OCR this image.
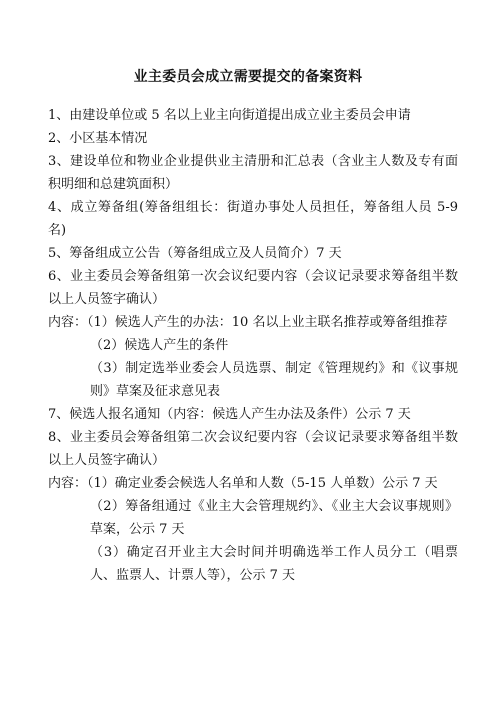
业主委员会成立需要提交的备案资料

1、由建设单位或 5 名以上业主向街道提出成立业主委员会申请

2、小区基本情况

3、建设单位和物业企业提供业主清册和汇总表（含业主人数及专有面积明细和总建筑面积）

4、成立筹备组(筹备组组长：街道办事处人员担任，筹备组人员 5-9 名)

5、筹备组成立公告（筹备组成立及人员简介）7 天

6、业主委员会筹备组第一次会议纪要内容（会议记录要求筹备组半数以上人员签字确认）

内容：（1）候选人产生的办法：10 名以上业主联名推荐或筹备组推荐

（2）候选人产生的条件

（3）制定选举业委会人员选票、制定《管理规约》和《议事规则》草案及征求意见表

7、候选人报名通知（内容：候选人产生办法及条件）公示 7 天

8、业主委员会筹备组第二次会议纪要内容（会议记录要求筹备组半数以上人员签字确认）

内容：（1）确定业委会候选人名单和人数（5-15 人单数）公示 7 天

（2）筹备组通过《业主大会管理规约》、《业主大会议事规则》草案，公示 7 天

（3）确定召开业主大会时间并明确选举工作人员分工（唱票人、监票人、计票人等），公示 7 天
